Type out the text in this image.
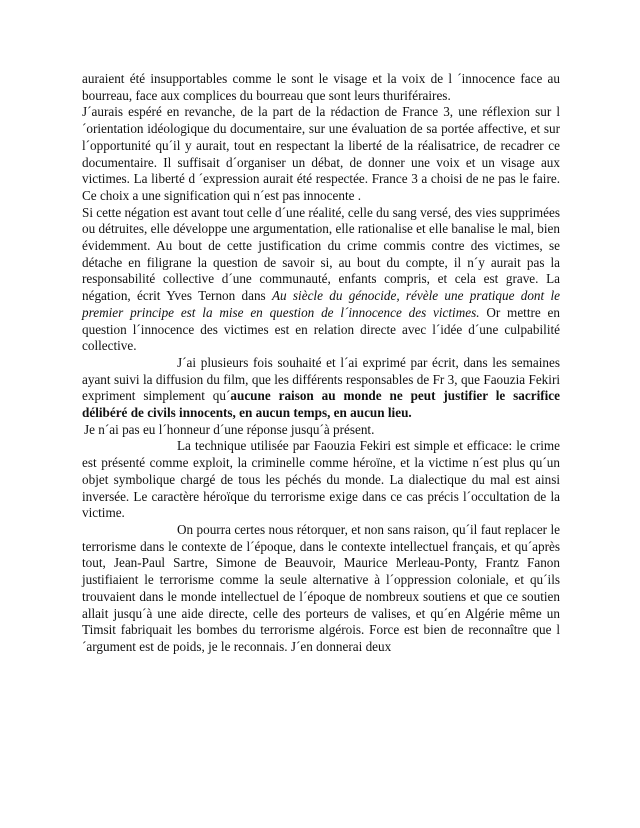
auraient été insupportables comme le sont le visage et la voix de l ´innocence face au bourreau, face aux complices du bourreau que sont leurs thuriféraires.

J´aurais espéré en revanche, de la part de la rédaction de France 3, une réflexion sur l´orientation idéologique du documentaire, sur une évaluation de sa portée affective, et sur l´opportunité qu´il y aurait, tout en respectant la liberté de la réalisatrice, de recadrer ce documentaire. Il suffisait d´organiser un débat, de donner une voix et un visage aux victimes. La liberté d ´expression aurait été respectée. France 3 a choisi de ne pas le faire. Ce choix a une signification qui n´est pas innocente .

Si cette négation est avant tout celle d´une réalité, celle du sang versé, des vies supprimées ou détruites, elle développe une argumentation, elle rationalise et elle banalise le mal, bien évidemment. Au bout de cette justification du crime commis contre des victimes, se détache en filigrane la question de savoir si, au bout du compte, il n´y aurait pas la responsabilité collective d´une communauté, enfants compris, et cela est grave. La négation, écrit Yves Ternon dans Au siècle du génocide, révèle une pratique dont le premier principe est la mise en question de l´innocence des victimes. Or mettre en question l´innocence des victimes est en relation directe avec l´idée d´une culpabilité collective.

J´ai plusieurs fois souhaité et l´ai exprimé par écrit, dans les semaines ayant suivi la diffusion du film, que les différents responsables de Fr 3, que Faouzia Fekiri expriment simplement qu´aucune raison au monde ne peut justifier le sacrifice délibéré de civils innocents, en aucun temps, en aucun lieu.

Je n´ai pas eu l´honneur d´une réponse jusqu´à présent.

La technique utilisée par Faouzia Fekiri est simple et efficace: le crime est présenté comme exploit, la criminelle comme héroïne, et la victime n´est plus qu´un objet symbolique chargé de tous les péchés du monde. La dialectique du mal est ainsi inversée. Le caractère héroïque du terrorisme exige dans ce cas précis l´occultation de la victime.

On pourra certes nous rétorquer, et non sans raison, qu´il faut replacer le terrorisme dans le contexte de l´époque, dans le contexte intellectuel français, et qu´après tout, Jean-Paul Sartre, Simone de Beauvoir, Maurice Merleau-Ponty, Frantz Fanon justifiaient le terrorisme comme la seule alternative à l´oppression coloniale, et qu´ils trouvaient dans le monde intellectuel de l´époque de nombreux soutiens et que ce soutien allait jusqu´à une aide directe, celle des porteurs de valises, et qu´en Algérie même un Timsit fabriquait les bombes du terrorisme algérois. Force est bien de reconnaître que l´argument est de poids, je le reconnais. J´en donnerai deux
